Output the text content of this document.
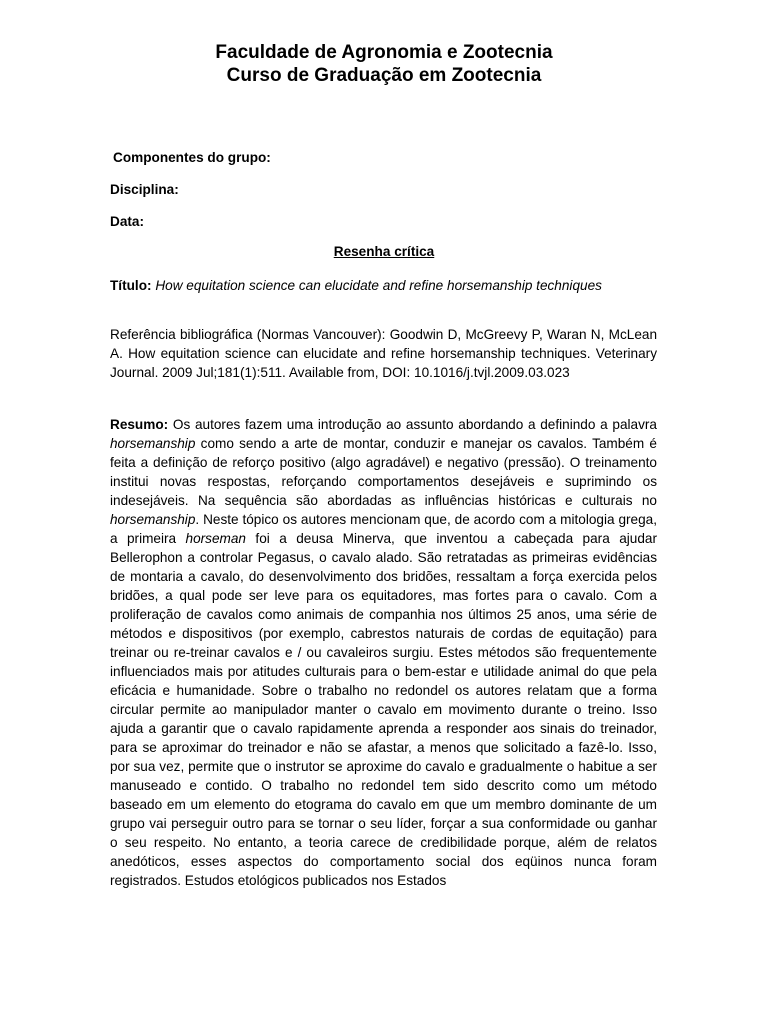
Faculdade de Agronomia e Zootecnia
Curso de Graduação em Zootecnia
Componentes do grupo:
Disciplina:
Data:
Resenha crítica
Título: How equitation science can elucidate and refine horsemanship techniques
Referência bibliográfica (Normas Vancouver): Goodwin D, McGreevy P, Waran N, McLean A. How equitation science can elucidate and refine horsemanship techniques. Veterinary Journal. 2009 Jul;181(1):511. Available from, DOI: 10.1016/j.tvjl.2009.03.023
Resumo: Os autores fazem uma introdução ao assunto abordando a definindo a palavra horsemanship como sendo a arte de montar, conduzir e manejar os cavalos. Também é feita a definição de reforço positivo (algo agradável) e negativo (pressão). O treinamento institui novas respostas, reforçando comportamentos desejáveis e suprimindo os indesejáveis. Na sequência são abordadas as influências históricas e culturais no horsemanship. Neste tópico os autores mencionam que, de acordo com a mitologia grega, a primeira horseman foi a deusa Minerva, que inventou a cabeçada para ajudar Bellerophon a controlar Pegasus, o cavalo alado. São retratadas as primeiras evidências de montaria a cavalo, do desenvolvimento dos bridões, ressaltam a força exercida pelos bridões, a qual pode ser leve para os equitadores, mas fortes para o cavalo. Com a proliferação de cavalos como animais de companhia nos últimos 25 anos, uma série de métodos e dispositivos (por exemplo, cabrestos naturais de cordas de equitação) para treinar ou re-treinar cavalos e / ou cavaleiros surgiu. Estes métodos são frequentemente influenciados mais por atitudes culturais para o bem-estar e utilidade animal do que pela eficácia e humanidade. Sobre o trabalho no redondel os autores relatam que a forma circular permite ao manipulador manter o cavalo em movimento durante o treino. Isso ajuda a garantir que o cavalo rapidamente aprenda a responder aos sinais do treinador, para se aproximar do treinador e não se afastar, a menos que solicitado a fazê-lo. Isso, por sua vez, permite que o instrutor se aproxime do cavalo e gradualmente o habitue a ser manuseado e contido. O trabalho no redondel tem sido descrito como um método baseado em um elemento do etograma do cavalo em que um membro dominante de um grupo vai perseguir outro para se tornar o seu líder, forçar a sua conformidade ou ganhar o seu respeito. No entanto, a teoria carece de credibilidade porque, além de relatos anedóticos, esses aspectos do comportamento social dos eqüinos nunca foram registrados. Estudos etológicos publicados nos Estados
